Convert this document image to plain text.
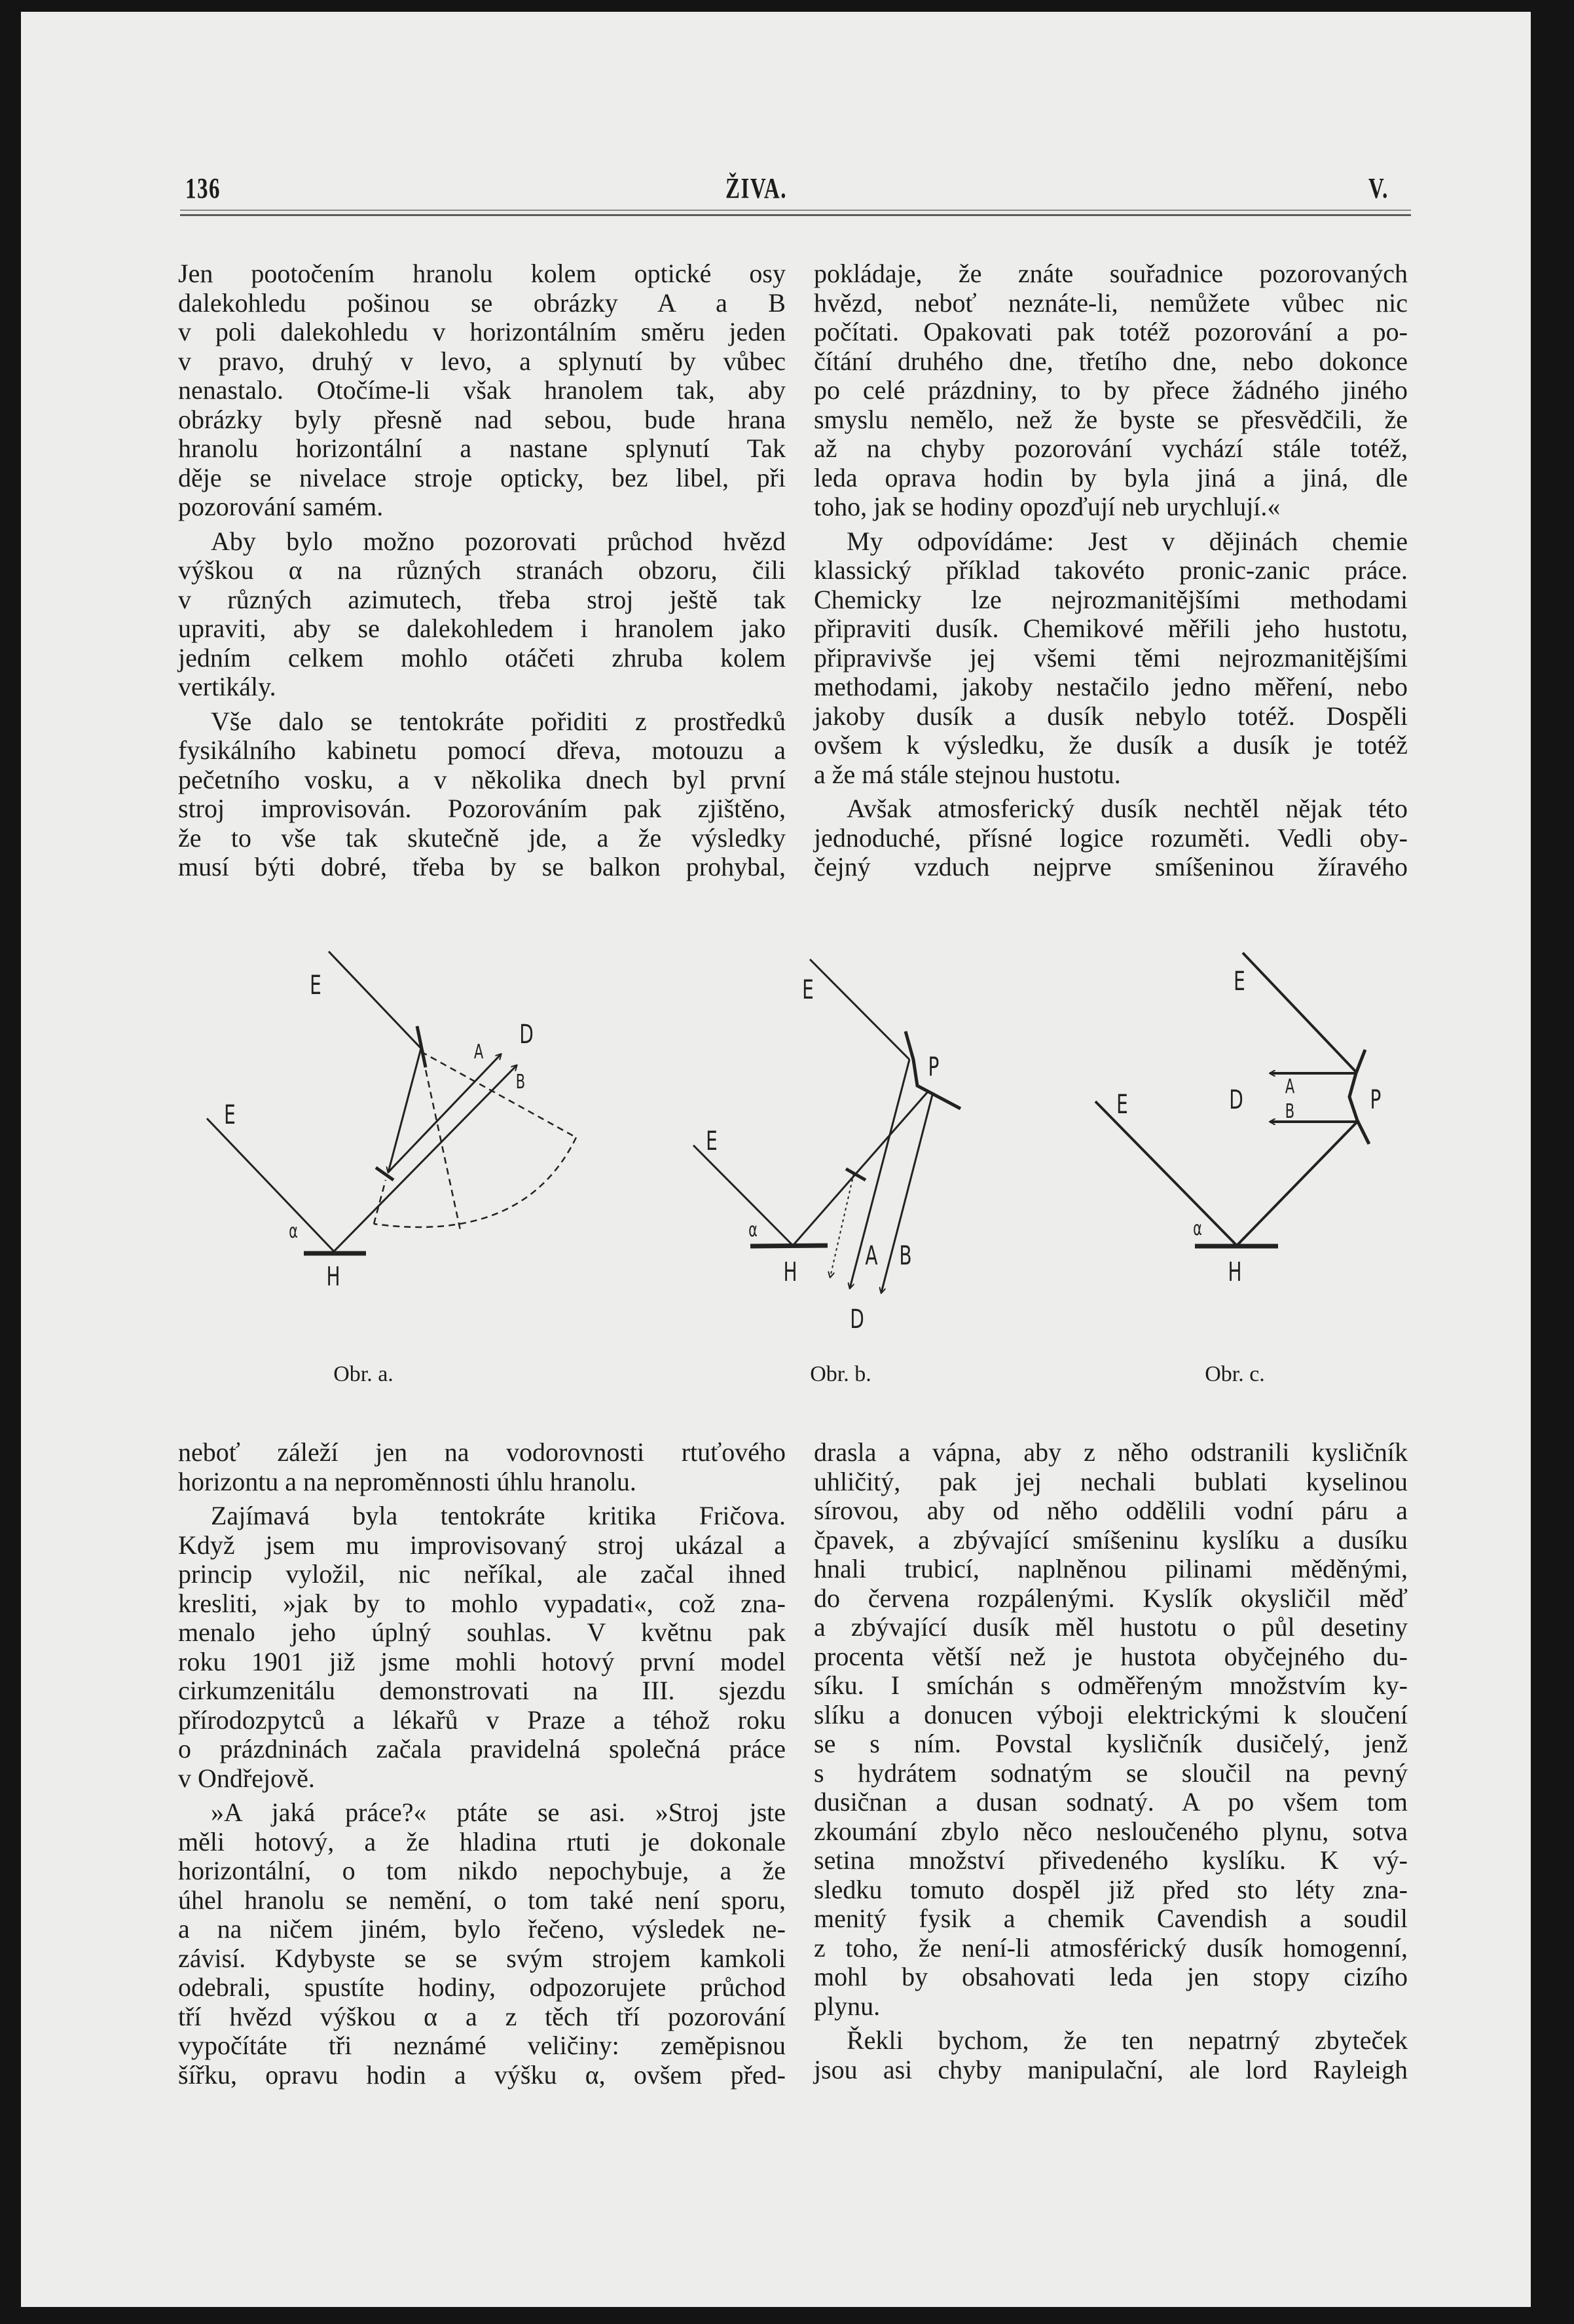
136	ŽIVA.	V.
Jen pootočením hranolu kolem optické osy
dalekohledu pošinou se obrázky A a B
v poli dalekohledu v horizontálním směru jeden
v pravo, druhý v levo, a splynutí by vůbec
nenastalo. Otočíme-li však hranolem tak, aby
obrázky byly přesně nad sebou, bude hrana
hranolu horizontální a nastane splynutí Tak
děje se nivelace stroje opticky, bez libel, při
pozorování samém.
Aby bylo možno pozorovati průchod hvězd
výškou α na různých stranách obzoru, čili
v různých azimutech, třeba stroj ještě tak
upraviti, aby se dalekohledem i hranolem jako
jedním celkem mohlo otáčeti zhruba kolem
vertikály.
Vše dalo se tentokráte pořiditi z prostředků
fysikálního kabinetu pomocí dřeva, motouzu a
pečetního vosku, a v několika dnech byl první
stroj improvisován. Pozorováním pak zjištěno,
že to vše tak skutečně jde, a že výsledky
musí býti dobré, třeba by se balkon prohybal,
pokládaje, že znáte souřadnice pozorovaných
hvězd, neboť neznáte-li, nemůžete vůbec nic
počítati. Opakovati pak totéž pozorování a po-
čítání druhého dne, třetího dne, nebo dokonce
po celé prázdniny, to by přece žádného jiného
smyslu nemělo, než že byste se přesvědčili, že
až na chyby pozorování vychází stále totéž,
leda oprava hodin by byla jiná a jiná, dle
toho, jak se hodiny opozďují neb urychlují.«
My odpovídáme: Jest v dějinách chemie
klassický příklad takovéto pronic-zanic práce.
Chemicky lze nejrozmanitějšími methodami
připraviti dusík. Chemikové měřili jeho hustotu,
připravivše jej všemi těmi nejrozmanitějšími
methodami, jakoby nestačilo jedno měření, nebo
jakoby dusík a dusík nebylo totéž. Dospěli
ovšem k výsledku, že dusík a dusík je totéž
a že má stále stejnou hustotu.
Avšak atmosferický dusík nechtěl nějak této
jednoduché, přísné logice rozuměti. Vedli oby-
čejný vzduch nejprve smíšeninou žíravého
neboť záleží jen na vodorovnosti rtuťového
horizontu a na neproměnnosti úhlu hranolu.
Zajímavá byla tentokráte kritika Fričova.
Když jsem mu improvisovaný stroj ukázal a
princip vyložil, nic neříkal, ale začal ihned
kresliti, »jak by to mohlo vypadati«, což zna-
menalo jeho úplný souhlas. V květnu pak
roku 1901 již jsme mohli hotový první model
cirkumzenitálu demonstrovati na III. sjezdu
přírodozpytců a lékařů v Praze a téhož roku
o prázdninách začala pravidelná společná práce
v Ondřejově.
»A jaká práce?« ptáte se asi. »Stroj jste
měli hotový, a že hladina rtuti je dokonale
horizontální, o tom nikdo nepochybuje, a že
úhel hranolu se nemění, o tom také není sporu,
a na ničem jiném, bylo řečeno, výsledek ne-
závisí. Kdybyste se se svým strojem kamkoli
odebrali, spustíte hodiny, odpozorujete průchod
tří hvězd výškou α a z těch tří pozorování
vypočítáte tři neznámé veličiny: zeměpisnou
šířku, opravu hodin a výšku α, ovšem před-
drasla a vápna, aby z něho odstranili kysličník
uhličitý, pak jej nechali bublati kyselinou
sírovou, aby od něho oddělili vodní páru a
čpavek, a zbývající smíšeninu kyslíku a dusíku
hnali trubicí, naplněnou pilinami měděnými,
do červena rozpálenými. Kyslík okysličil měď
a zbývající dusík měl hustotu o půl desetiny
procenta větší než je hustota obyčejného du-
síku. I smíchán s odměřeným množstvím ky-
slíku a donucen výboji elektrickými k sloučení
se s ním. Povstal kysličník dusičelý, jenž
s hydrátem sodnatým se sloučil na pevný
dusičnan a dusan sodnatý. A po všem tom
zkoumání zbylo něco nesloučeného plynu, sotva
setina množství přivedeného kyslíku. K vý-
sledku tomuto dospěl již před sto léty zna-
menitý fysik a chemik Cavendish a soudil
z toho, že není-li atmosférický dusík homogenní,
mohl by obsahovati leda jen stopy cizího
plynu.
Řekli bychom, že ten nepatrný zbyteček
jsou asi chyby manipulační, ale lord Rayleigh
E
E
D
A
B
α
H
Obr. a.
E
P
E
α
H
A B
D
Obr. b.
E
E	D A
B	P
α
H
Obr. c.
